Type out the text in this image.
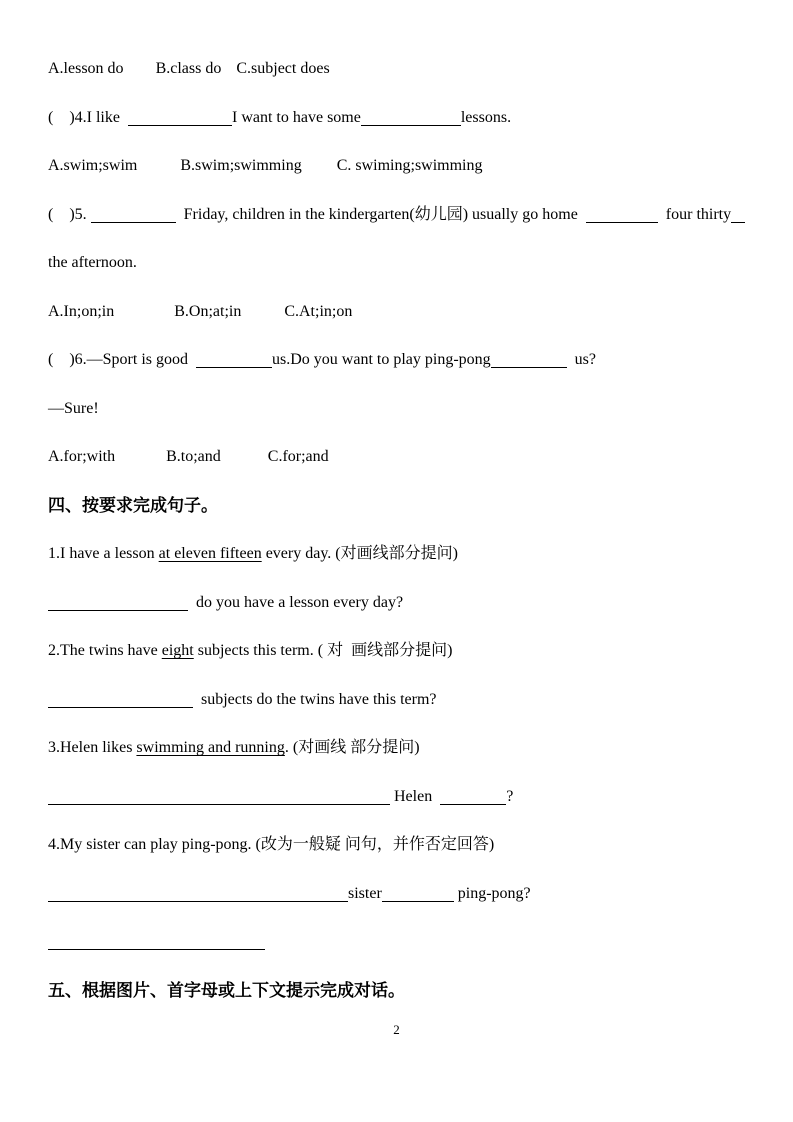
A.lesson do B.class do C.subject does
(    )4.I like	I want to have some	lessons.
A.swim;swim	B.swim;swimming C. swiming;swimming
(    )5.	Friday, children in the kindergarten(幼儿园) usually go home	four thirty
the afternoon.
A.In;on;in	B.On;at;in	C.At;in;on
(    )6.—Sport is good	us.Do you want to play ping-pong	us?
—Sure!
A.for;with	B.to;and	C.for;and
四、按要求完成句子。
1.I have a lesson at eleven fifteen every day. (对画线部分提问)
do you have a lesson every day?
2.The twins have eight subjects this term. ( 对  画线部分提问)
subjects do the twins have this term?
3.Helen likes swimming and running. (对画线 部分提问)
Helen	?
4.My sister can play ping-pong. (改为一般疑 问句，并作否定回答)
sister	ping-pong?
五、根据图片、首字母或上下文提示完成对话。
2
